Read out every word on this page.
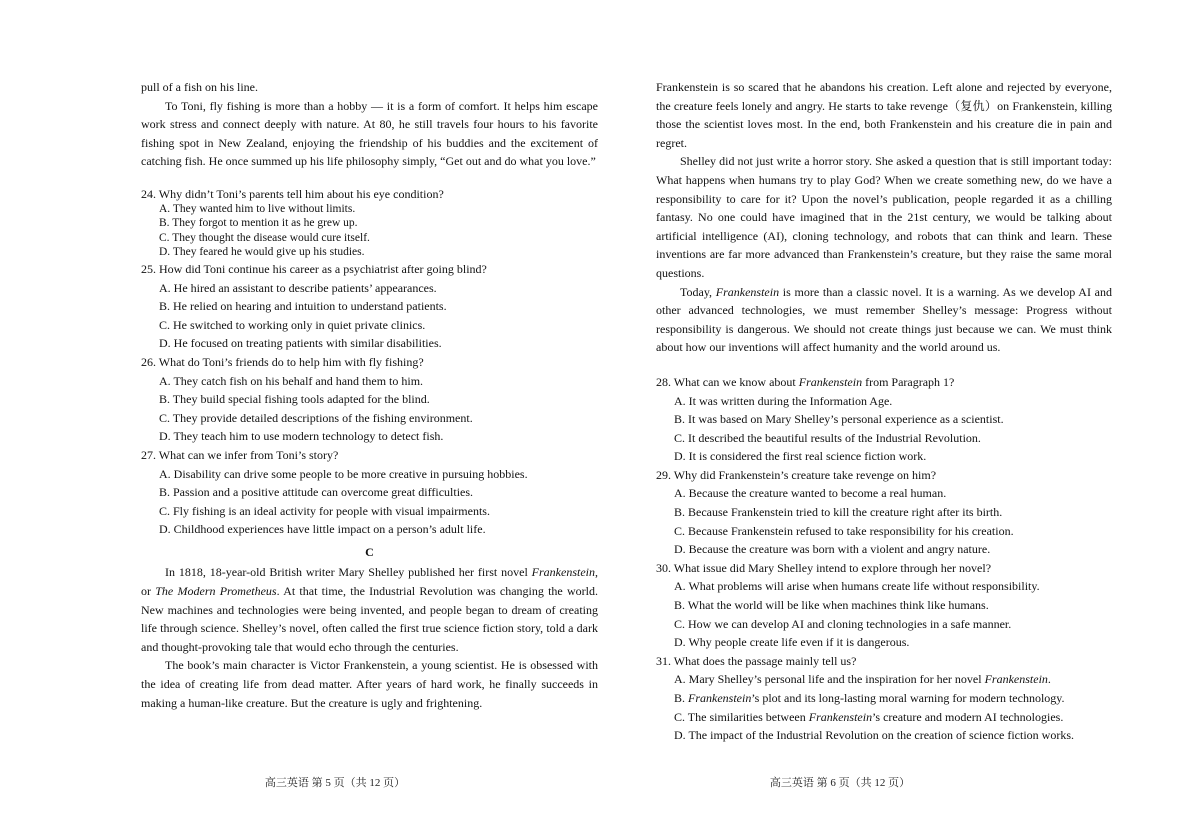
pull of a fish on his line.

To Toni, fly fishing is more than a hobby — it is a form of comfort. It helps him escape work stress and connect deeply with nature. At 80, he still travels four hours to his favorite fishing spot in New Zealand, enjoying the friendship of his buddies and the excitement of catching fish. He once summed up his life philosophy simply, “Get out and do what you love.”

24. Why didn’t Toni’s parents tell him about his eye condition?
A. They wanted him to live without limits.
B. They forgot to mention it as he grew up.
C. They thought the disease would cure itself.
D. They feared he would give up his studies.
25. How did Toni continue his career as a psychiatrist after going blind?
A. He hired an assistant to describe patients’ appearances.
B. He relied on hearing and intuition to understand patients.
C. He switched to working only in quiet private clinics.
D. He focused on treating patients with similar disabilities.
26. What do Toni’s friends do to help him with fly fishing?
A. They catch fish on his behalf and hand them to him.
B. They build special fishing tools adapted for the blind.
C. They provide detailed descriptions of the fishing environment.
D. They teach him to use modern technology to detect fish.
27. What can we infer from Toni’s story?
A. Disability can drive some people to be more creative in pursuing hobbies.
B. Passion and a positive attitude can overcome great difficulties.
C. Fly fishing is an ideal activity for people with visual impairments.
D. Childhood experiences have little impact on a person’s adult life.
C

In 1818, 18-year-old British writer Mary Shelley published her first novel Frankenstein, or The Modern Prometheus. At that time, the Industrial Revolution was changing the world. New machines and technologies were being invented, and people began to dream of creating life through science. Shelley’s novel, often called the first true science fiction story, told a dark and thought-provoking tale that would echo through the centuries.

The book’s main character is Victor Frankenstein, a young scientist. He is obsessed with the idea of creating life from dead matter. After years of hard work, he finally succeeds in making a human-like creature. But the creature is ugly and frightening.

高三英语 第 5 页（共 12 页）

Frankenstein is so scared that he abandons his creation. Left alone and rejected by everyone, the creature feels lonely and angry. He starts to take revenge（复仇）on Frankenstein, killing those the scientist loves most. In the end, both Frankenstein and his creature die in pain and regret.

Shelley did not just write a horror story. She asked a question that is still important today: What happens when humans try to play God? When we create something new, do we have a responsibility to care for it? Upon the novel’s publication, people regarded it as a chilling fantasy. No one could have imagined that in the 21st century, we would be talking about artificial intelligence (AI), cloning technology, and robots that can think and learn. These inventions are far more advanced than Frankenstein’s creature, but they raise the same moral questions.

Today, Frankenstein is more than a classic novel. It is a warning. As we develop AI and other advanced technologies, we must remember Shelley’s message: Progress without responsibility is dangerous. We should not create things just because we can. We must think about how our inventions will affect humanity and the world around us.

28. What can we know about Frankenstein from Paragraph 1?
A. It was written during the Information Age.
B. It was based on Mary Shelley’s personal experience as a scientist.
C. It described the beautiful results of the Industrial Revolution.
D. It is considered the first real science fiction work.
29. Why did Frankenstein’s creature take revenge on him?
A. Because the creature wanted to become a real human.
B. Because Frankenstein tried to kill the creature right after its birth.
C. Because Frankenstein refused to take responsibility for his creation.
D. Because the creature was born with a violent and angry nature.
30. What issue did Mary Shelley intend to explore through her novel?
A. What problems will arise when humans create life without responsibility.
B. What the world will be like when machines think like humans.
C. How we can develop AI and cloning technologies in a safe manner.
D. Why people create life even if it is dangerous.
31. What does the passage mainly tell us?
A. Mary Shelley’s personal life and the inspiration for her novel Frankenstein.
B. Frankenstein’s plot and its long-lasting moral warning for modern technology.
C. The similarities between Frankenstein’s creature and modern AI technologies.
D. The impact of the Industrial Revolution on the creation of science fiction works.
高三英语 第 6 页（共 12 页）
